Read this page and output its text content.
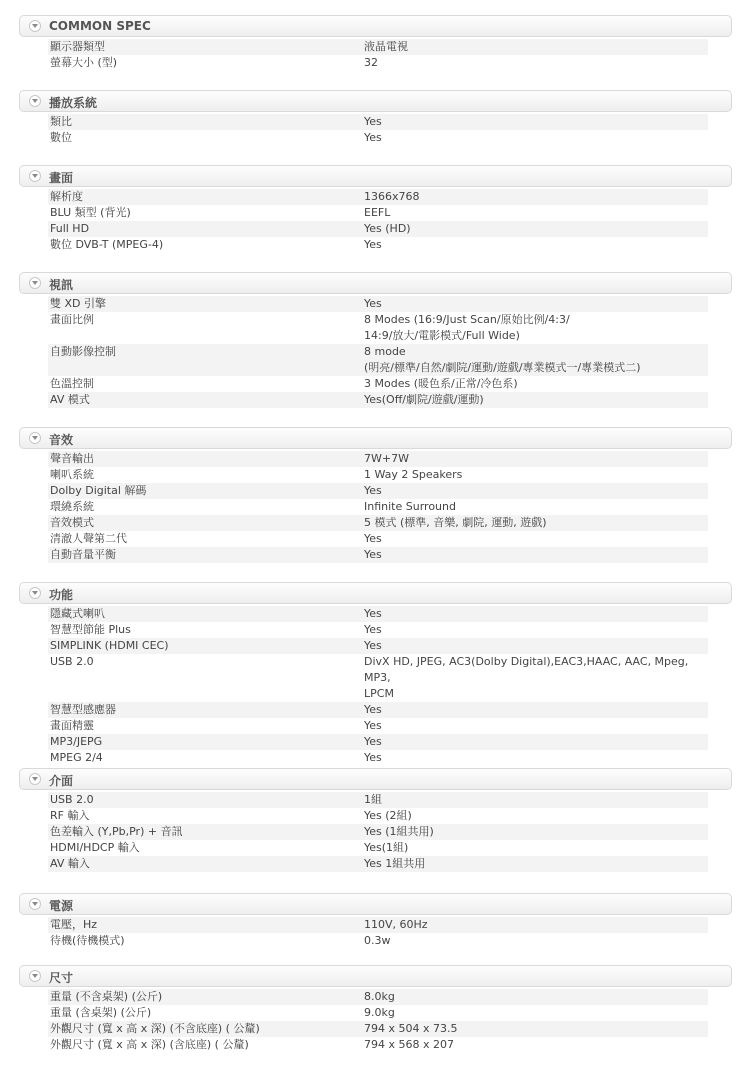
COMMON SPEC
顯示器類型	液晶電視
螢幕大小 (型)	32
播放系統
類比	Yes
數位	Yes
畫面
解析度	1366x768
BLU 類型 (背光)	EEFL
Full HD	Yes (HD)
數位 DVB-T (MPEG-4)	Yes
視訊
雙 XD 引擎	Yes
畫面比例	8 Modes (16:9/Just Scan/原始比例/4:3/
14:9/放大/電影模式/Full Wide)
自動影像控制	8 mode
(明亮/標準/自然/劇院/運動/遊戲/專業模式一/專業模式二)
色溫控制	3 Modes (暖色系/正常/冷色系)
AV 模式	Yes(Off/劇院/遊戲/運動)
音效
聲音輸出	7W+7W
喇叭系統	1 Way 2 Speakers
Dolby Digital 解碼	Yes
環繞系統	Infinite Surround
音效模式	5 模式 (標準, 音樂, 劇院, 運動, 遊戲)
清澈人聲第二代	Yes
自動音量平衡	Yes
功能
隱藏式喇叭	Yes
智慧型節能 Plus	Yes
SIMPLINK (HDMI CEC)	Yes
USB 2.0	DivX HD, JPEG, AC3(Dolby Digital),EAC3,HAAC, AAC, Mpeg, MP3,
LPCM
智慧型感應器	Yes
畫面精靈	Yes
MP3/JEPG	Yes
MPEG 2/4	Yes
介面
USB 2.0	1組
RF 輸入	Yes (2組)
色差輸入 (Y,Pb,Pr) + 音訊	Yes (1組共用)
HDMI/HDCP 輸入	Yes(1組)
AV 輸入	Yes 1組共用
電源
電壓，Hz	110V, 60Hz
待機(待機模式)	0.3w
尺寸
重量 (不含桌架) (公斤)	8.0kg
重量 (含桌架) (公斤)	9.0kg
外觀尺寸 (寬 x 高 x 深) (不含底座) ( 公釐)	794 x 504 x 73.5
外觀尺寸 (寬 x 高 x 深) (含底座) ( 公釐)	794 x 568 x 207
